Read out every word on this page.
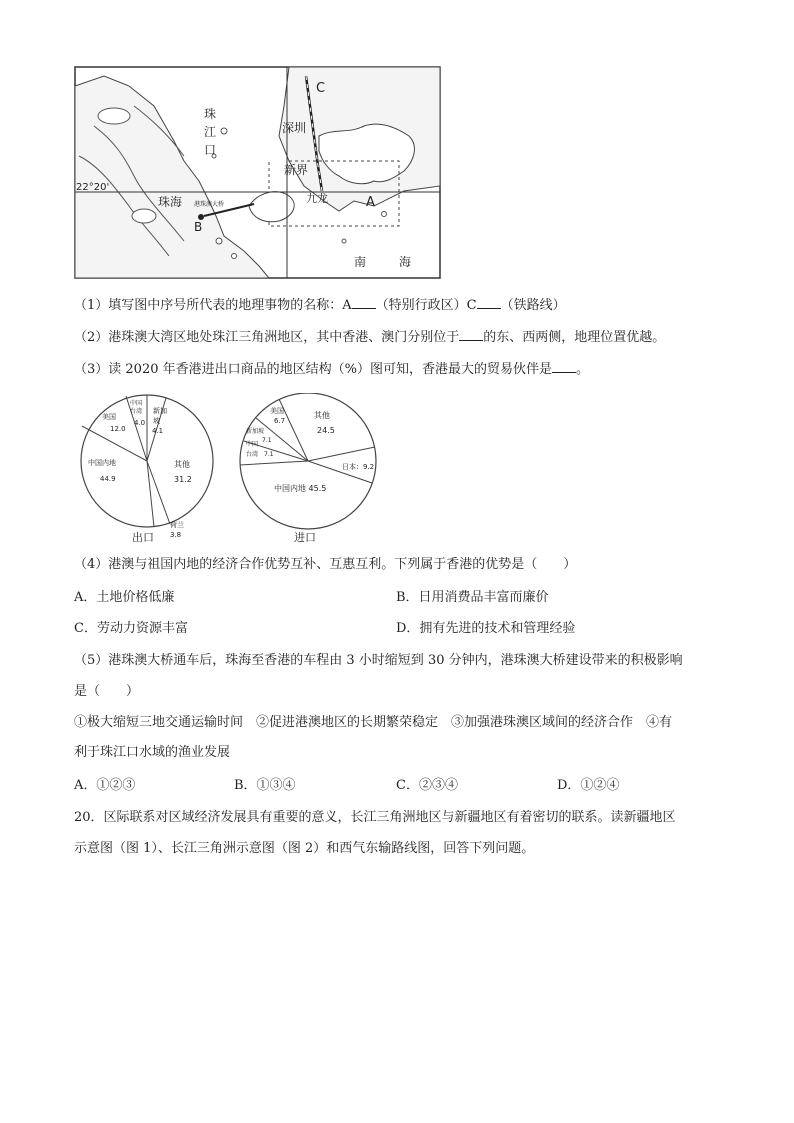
珠
江
口
C
深圳
新界
九龙	A
B
珠海 港珠澳大桥
22°20'
南	海
（1）填写图中序号所代表的地理事物的名称：A （特别行政区）C （铁路线）
（2）港珠澳大湾区地处珠江三角洲地区，其中香港、澳门分别位于 的东、西两侧，地理位置优越。
（3）读 2020 年香港进出口商品的地区结构（%）图可知，香港最大的贸易伙伴是 。
美国
12.0
中国
台湾
4.0
新加
坡
4.1
中国内地
44.9
其他
31.2
荷兰
3.8
出口
美国
6.7
新加坡
7.1
中国
台湾 7.1
其他
24.5
日本：9.2
中国内地 45.5
进口
（4）港澳与祖国内地的经济合作优势互补、互惠互利。下列属于香港的优势是（　　）
A．土地价格低廉	B．日用消费品丰富而廉价
C．劳动力资源丰富	D．拥有先进的技术和管理经验
（5）港珠澳大桥通车后，珠海至香港的车程由 3 小时缩短到 30 分钟内，港珠澳大桥建设带来的积极影响
是（　　）
①极大缩短三地交通运输时间　②促进港澳地区的长期繁荣稳定　③加强港珠澳区域间的经济合作　④有
利于珠江口水域的渔业发展
A．①②③	B．①③④	C．②③④	D．①②④
20．区际联系对区域经济发展具有重要的意义，长江三角洲地区与新疆地区有着密切的联系。读新疆地区
示意图（图 1）、长江三角洲示意图（图 2）和西气东输路线图，回答下列问题。
